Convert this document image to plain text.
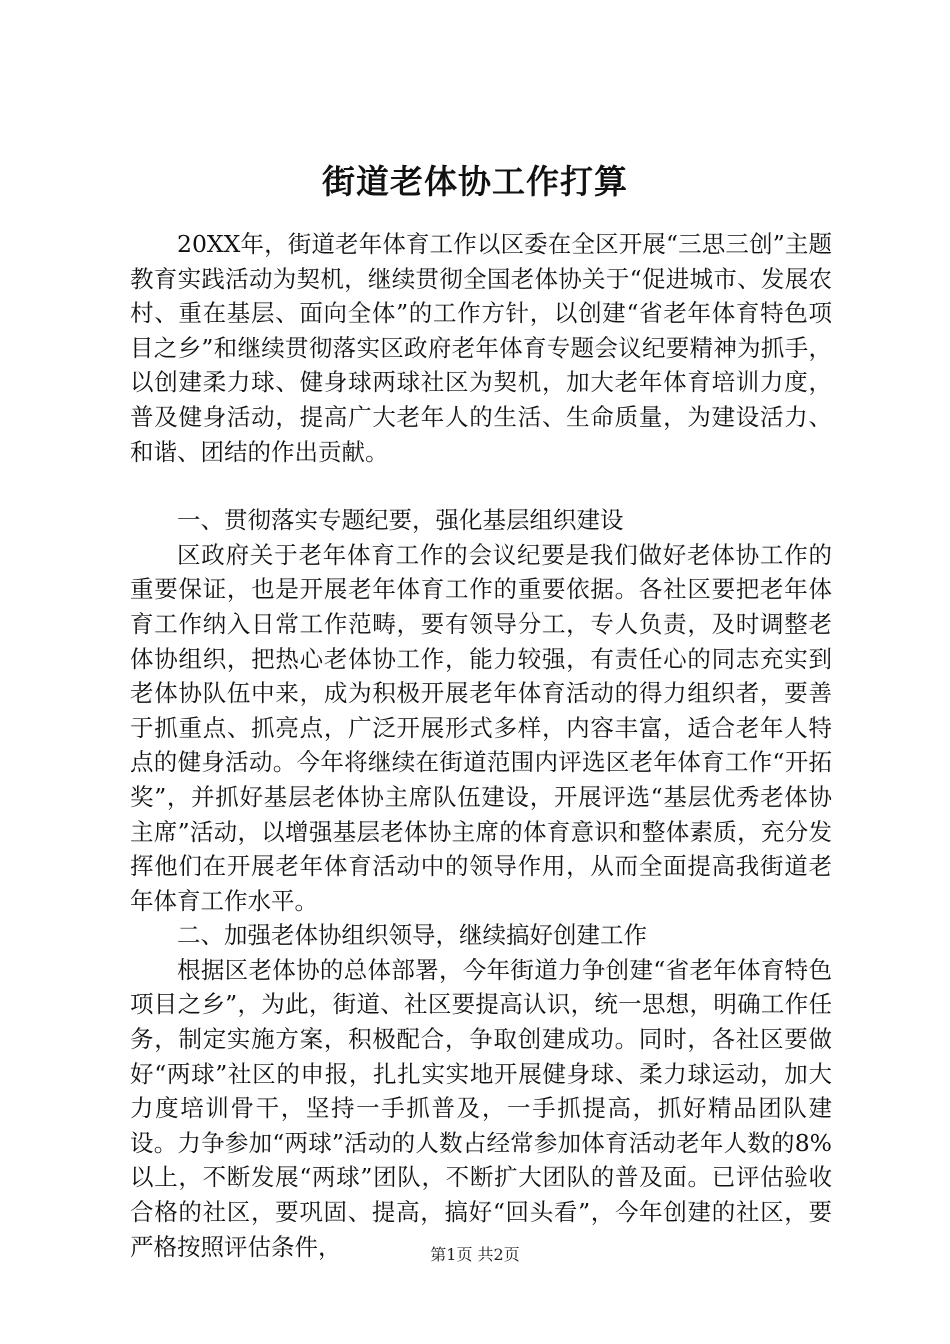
街道老体协工作打算

20XX年，街道老年体育工作以区委在全区开展“三思三创”主题教育实践活动为契机，继续贯彻全国老体协关于“促进城市、发展农村、重在基层、面向全体”的工作方针，以创建“省老年体育特色项目之乡”和继续贯彻落实区政府老年体育专题会议纪要精神为抓手，以创建柔力球、健身球两球社区为契机，加大老年体育培训力度，普及健身活动，提高广大老年人的生活、生命质量，为建设活力、和谐、团结的作出贡献。

一、贯彻落实专题纪要，强化基层组织建设

区政府关于老年体育工作的会议纪要是我们做好老体协工作的重要保证，也是开展老年体育工作的重要依据。各社区要把老年体育工作纳入日常工作范畴，要有领导分工，专人负责，及时调整老体协组织，把热心老体协工作，能力较强，有责任心的同志充实到老体协队伍中来，成为积极开展老年体育活动的得力组织者，要善于抓重点、抓亮点，广泛开展形式多样，内容丰富，适合老年人特点的健身活动。今年将继续在街道范围内评选区老年体育工作“开拓奖”，并抓好基层老体协主席队伍建设，开展评选“基层优秀老体协主席”活动，以增强基层老体协主席的体育意识和整体素质，充分发挥他们在开展老年体育活动中的领导作用，从而全面提高我街道老年体育工作水平。

二、加强老体协组织领导，继续搞好创建工作

根据区老体协的总体部署，今年街道力争创建“省老年体育特色项目之乡”，为此，街道、社区要提高认识，统一思想，明确工作任务，制定实施方案，积极配合，争取创建成功。同时，各社区要做好“两球”社区的申报，扎扎实实地开展健身球、柔力球运动，加大力度培训骨干，坚持一手抓普及，一手抓提高，抓好精品团队建设。力争参加“两球”活动的人数占经常参加体育活动老年人数的8%以上，不断发展“两球”团队，不断扩大团队的普及面。已评估验收合格的社区，要巩固、提高，搞好“回头看”，今年创建的社区，要严格按照评估条件，	第1页 共2页
